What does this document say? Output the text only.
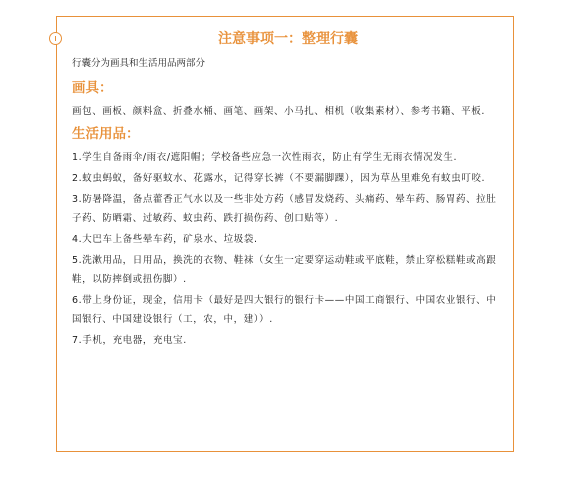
注意事项一：整理行囊

行囊分为画具和生活用品两部分

画具：

画包、画板、颜料盒、折叠水桶、画笔、画架、小马扎、相机（收集素材）、参考书籍、平板.

生活用品：
1.学生自备雨伞/雨衣/遮阳帽；学校备些应急一次性雨衣，防止有学生无雨衣情况发生.
2.蚊虫蚂蚁，备好驱蚊水、花露水，记得穿长裤（不要漏脚踝），因为草丛里难免有蚊虫叮咬.
3.防暑降温，备点藿香正气水以及一些非处方药（感冒发烧药、头痛药、晕车药、肠胃药、拉肚子药、防晒霜、过敏药、蚊虫药、跌打损伤药、创口贴等）.
4.大巴车上备些晕车药，矿泉水、垃圾袋.
5.洗漱用品，日用品，换洗的衣物、鞋袜（女生一定要穿运动鞋或平底鞋，禁止穿松糕鞋或高跟鞋，以防摔倒或扭伤脚）.
6.带上身份证，现金，信用卡（最好是四大银行的银行卡——中国工商银行、中国农业银行、中国银行、中国建设银行（工，农，中，建））.
7.手机，充电器，充电宝.
